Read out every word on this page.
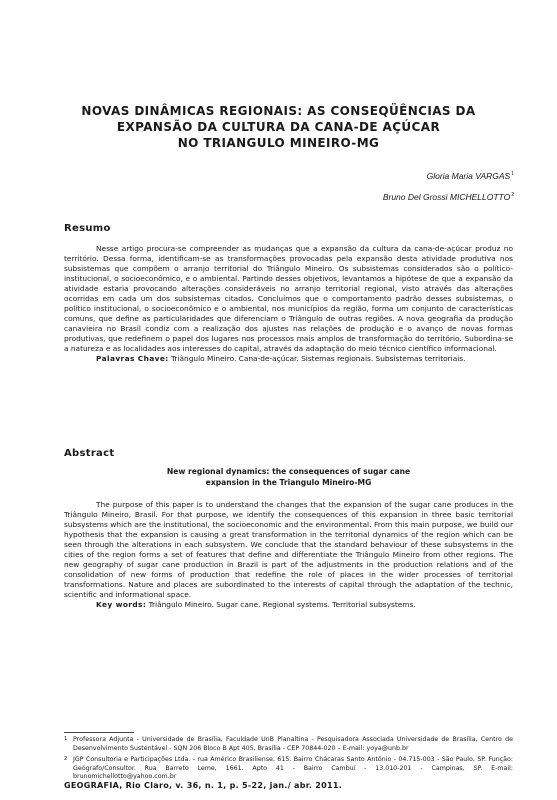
NOVAS DINÂMICAS REGIONAIS: AS CONSEQÜÊNCIAS DA
EXPANSÃO DA CULTURA DA CANA-DE AÇÚCAR
NO TRIANGULO MINEIRO-MG
Gloria Maria VARGAS$^1$
Bruno Del Grossi MICHELLOTTO$^2$
Resumo

Nesse artigo procura-se compreender as mudanças que a expansão da cultura da cana-de-açúcar produz no território. Dessa forma, identificam-se as transformações provocadas pela expansão desta atividade produtiva nos subsistemas que compõem o arranjo territorial do Triângulo Mineiro. Os subsistemas considerados são o político-institucional, o socioeconômico, e o ambiental. Partindo desses objetivos, levantamos a hipótese de que a expansão da atividade estaria provocando alterações consideráveis no arranjo territorial regional, visto através das alterações ocorridas em cada um dos subsistemas citados. Concluímos que o comportamento padrão desses subsistemas, o político institucional, o socioeconômico e o ambiental, nos municípios da região, forma um conjunto de características comuns, que define as particularidades que diferenciam o Triângulo de outras regiões. A nova geografia da produção canavieira no Brasil condiz com a realização dos ajustes nas relações de produção e o avanço de novas formas produtivas, que redefinem o papel dos lugares nos processos mais amplos de transformação do território. Subordina-se a natureza e as localidades aos interesses do capital, através da adaptação do meio técnico científico informacional.

Palavras Chave: Triângulo Mineiro. Cana-de-açúcar. Sistemas regionais. Subsistemas territoriais.

Abstract
New regional dynamics: the consequences of sugar cane
expansion in the Triangulo Mineiro-MG

The purpose of this paper is to understand the changes that the expansion of the sugar cane produces in the Triângulo Mineiro, Brasil. For that purpose, we identify the consequences of this expansion in three basic territorial subsystems which are the institutional, the socioeconomic and the environmental. From this main purpose, we build our hypothesis that the expansion is causing a great transformation in the territorial dynamics of the region which can be seen through the alterations in each subsystem. We conclude that the standard behaviour of these subsystems in the cities of the region forms a set of features that define and differentiate the Triângulo Mineiro from other regions. The new geography of sugar cane production in Brazil is part of the adjustments in the production relations and of the consolidation of new forms of production that redefine the role of places in the wider processes of territorial transformations. Nature and places are subordinated to the interests of capital through the adaptation of the technic, scientific and informational space.

Key words: Triângulo Mineiro. Sugar cane. Regional systems. Territorial subsystems.

1 Professora Adjunta - Universidade de Brasília, Faculdade UnB Planaltina - Pesquisadora Associada Universidade de Brasília, Centro de Desenvolvimento Sustentável - SQN 206 Bloco B Apt 405, Brasília - CEP 70844-020 – E-mail: yoya@unb.br
2 JGP Consultoria e Participações Ltda. - rua Américo Brasiliense, 615. Bairro Chácaras Santo Antônio - 04.715-003 - São Paulo, SP. Função: Geógrafo/Consultor. Rua Barreto Leme, 1661. Apto 41 - Bairro Cambuí - 13.010-201 - Campinas, SP. E-mail: brunomichellotto@yahoo.com.br
GEOGRAFIA, Rio Claro, v. 36, n. 1, p. 5-22, jan./ abr. 2011.
